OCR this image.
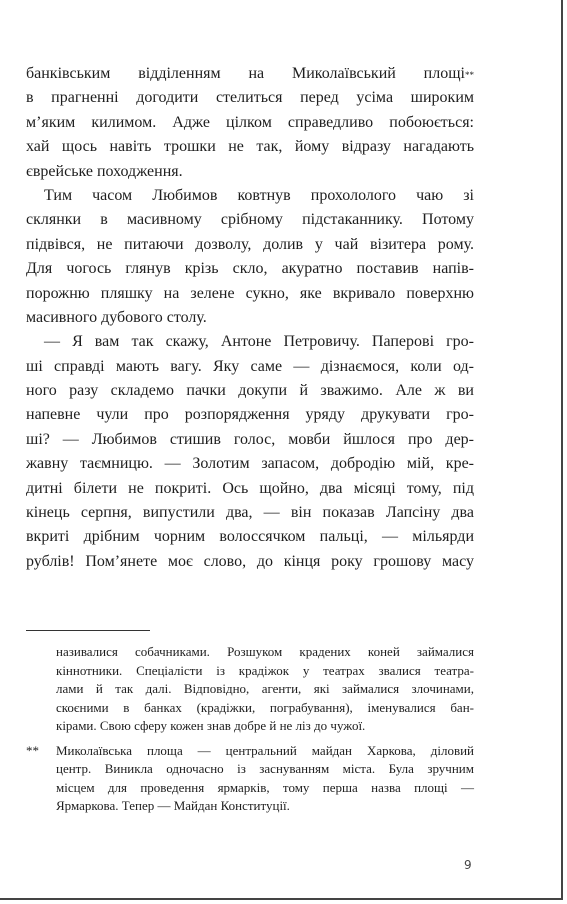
банківським відділенням на Миколаївський площі**
в прагненні догодити стелиться перед усіма широким
м’яким килимом. Адже цілком справедливо побоюється:
хай щось навіть трошки не так, йому відразу нагадають
єврейське походження.
Тим часом Любимов ковтнув прохололого чаю зі
склянки в масивному срібному підстаканнику. Потому
підвівся, не питаючи дозволу, долив у чай візитера рому.
Для чогось глянув крізь скло, акуратно поставив напів-
порожню пляшку на зелене сукно, яке вкривало поверхню
масивного дубового столу.
— Я вам так скажу, Антоне Петровичу. Паперові гро-
ші справді мають вагу. Яку саме — дізнаємося, коли од-
ного разу складемо пачки докупи й зважимо. Але ж ви
напевне чули про розпорядження уряду друкувати гро-
ші? — Любимов стишив голос, мовби йшлося про дер-
жавну таємницю. — Золотим запасом, добродію мій, кре-
дитні білети не покриті. Ось щойно, два місяці тому, під
кінець серпня, випустили два, — він показав Лапсіну два
вкриті дрібним чорним волоссячком пальці, — мільярди
рублів! Пом’янете моє слово, до кінця року грошову масу
називалися собачниками. Розшуком крадених коней займалися
кіннотники. Спеціалісти із крадіжок у театрах звалися театра-
лами й так далі. Відповідно, агенти, які займалися злочинами,
скоєними в банках (крадіжки, пограбування), іменувалися бан-
кірами. Свою сферу кожен знав добре й не ліз до чужої.
** Миколаївська площа — центральний майдан Харкова, діловий
центр. Виникла одночасно із заснуванням міста. Була зручним
місцем для проведення ярмарків, тому перша назва площі —
Ярмаркова. Тепер — Майдан Конституції.
9
